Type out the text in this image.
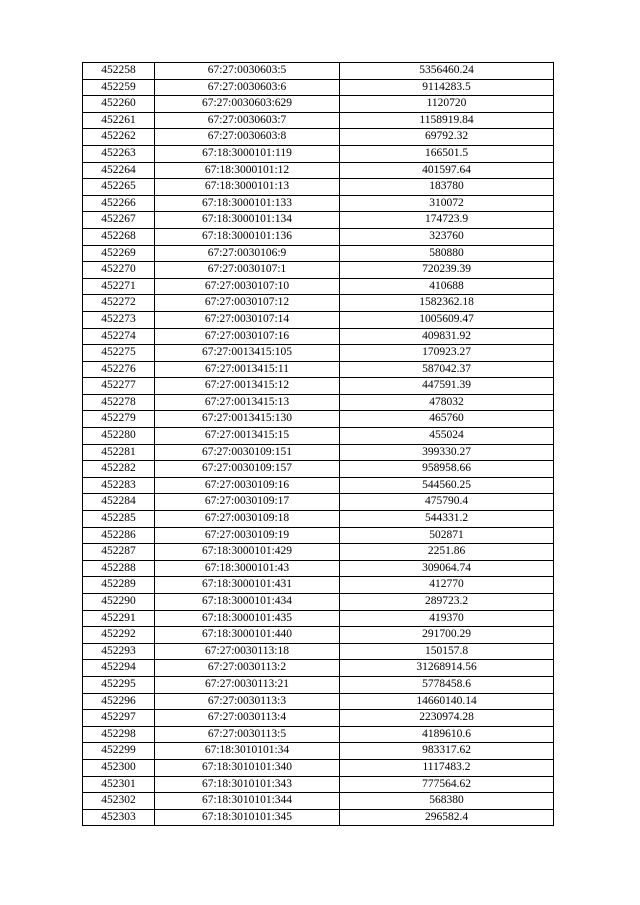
452258	67:27:0030603:5	5356460.24
452259	67:27:0030603:6	9114283.5
452260	67:27:0030603:629	1120720
452261	67:27:0030603:7	1158919.84
452262	67:27:0030603:8	69792.32
452263	67:18:3000101:119	166501.5
452264	67:18:3000101:12	401597.64
452265	67:18:3000101:13	183780
452266	67:18:3000101:133	310072
452267	67:18:3000101:134	174723.9
452268	67:18:3000101:136	323760
452269	67:27:0030106:9	580880
452270	67:27:0030107:1	720239.39
452271	67:27:0030107:10	410688
452272	67:27:0030107:12	1582362.18
452273	67:27:0030107:14	1005609.47
452274	67:27:0030107:16	409831.92
452275	67:27:0013415:105	170923.27
452276	67:27:0013415:11	587042.37
452277	67:27:0013415:12	447591.39
452278	67:27:0013415:13	478032
452279	67:27:0013415:130	465760
452280	67:27:0013415:15	455024
452281	67:27:0030109:151	399330.27
452282	67:27:0030109:157	958958.66
452283	67:27:0030109:16	544560.25
452284	67:27:0030109:17	475790.4
452285	67:27:0030109:18	544331.2
452286	67:27:0030109:19	502871
452287	67:18:3000101:429	2251.86
452288	67:18:3000101:43	309064.74
452289	67:18:3000101:431	412770
452290	67:18:3000101:434	289723.2
452291	67:18:3000101:435	419370
452292	67:18:3000101:440	291700.29
452293	67:27:0030113:18	150157.8
452294	67:27:0030113:2	31268914.56
452295	67:27:0030113:21	5778458.6
452296	67:27:0030113:3	14660140.14
452297	67:27:0030113:4	2230974.28
452298	67:27:0030113:5	4189610.6
452299	67:18:3010101:34	983317.62
452300	67:18:3010101:340	1117483.2
452301	67:18:3010101:343	777564.62
452302	67:18:3010101:344	568380
452303	67:18:3010101:345	296582.4
